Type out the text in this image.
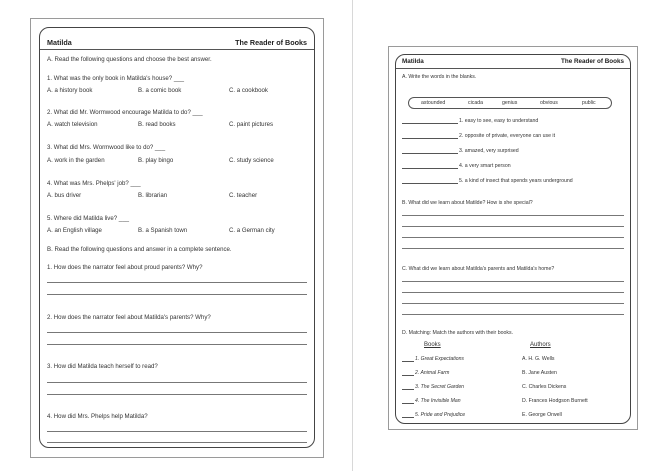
Matilda	The Reader of Books
A. Read the following questions and choose the best answer.
1. What was the only book in Matilda's house? ___
A. a history book	B. a comic book	C. a cookbook
2. What did Mr. Wormwood encourage Matilda to do? ___
A. watch television	B. read books	C. paint pictures
3. What did Mrs. Wormwood like to do? ___
A. work in the garden	B. play bingo	C. study science
4. What was Mrs. Phelps' job? ___
A. bus driver	B. librarian	C. teacher
5. Where did Matilda live? ___
A. an English village	B. a Spanish town	C. a German city
B. Read the following questions and answer in a complete sentence.
1. How does the narrator feel about proud parents? Why?
2. How does the narrator feel about Matilda's parents? Why?
3. How did Matilda teach herself to read?
4. How did Mrs. Phelps help Matilda?
Matilda	The Reader of Books
A. Write the words in the blanks.
astounded	cicada	genius	obvious	public
1. easy to see, easy to understand
2. opposite of private, everyone can use it
3. amazed, very surprised
4. a very smart person
5. a kind of insect that spends years underground
B. What did we learn about Matilde? How is she special?
C. What did we learn about Matilda's parents and Matilda's home?
D. Matching: Match the authors with their books.
Books	Authors
1. Great Expectations	A. H. G. Wells
2. Animal Farm	B. Jane Austen
3. The Secret Garden	C. Charles Dickens
4. The Invisible Man	D. Frances Hodgson Burnett
5. Pride and Prejudice	E. George Orwell
